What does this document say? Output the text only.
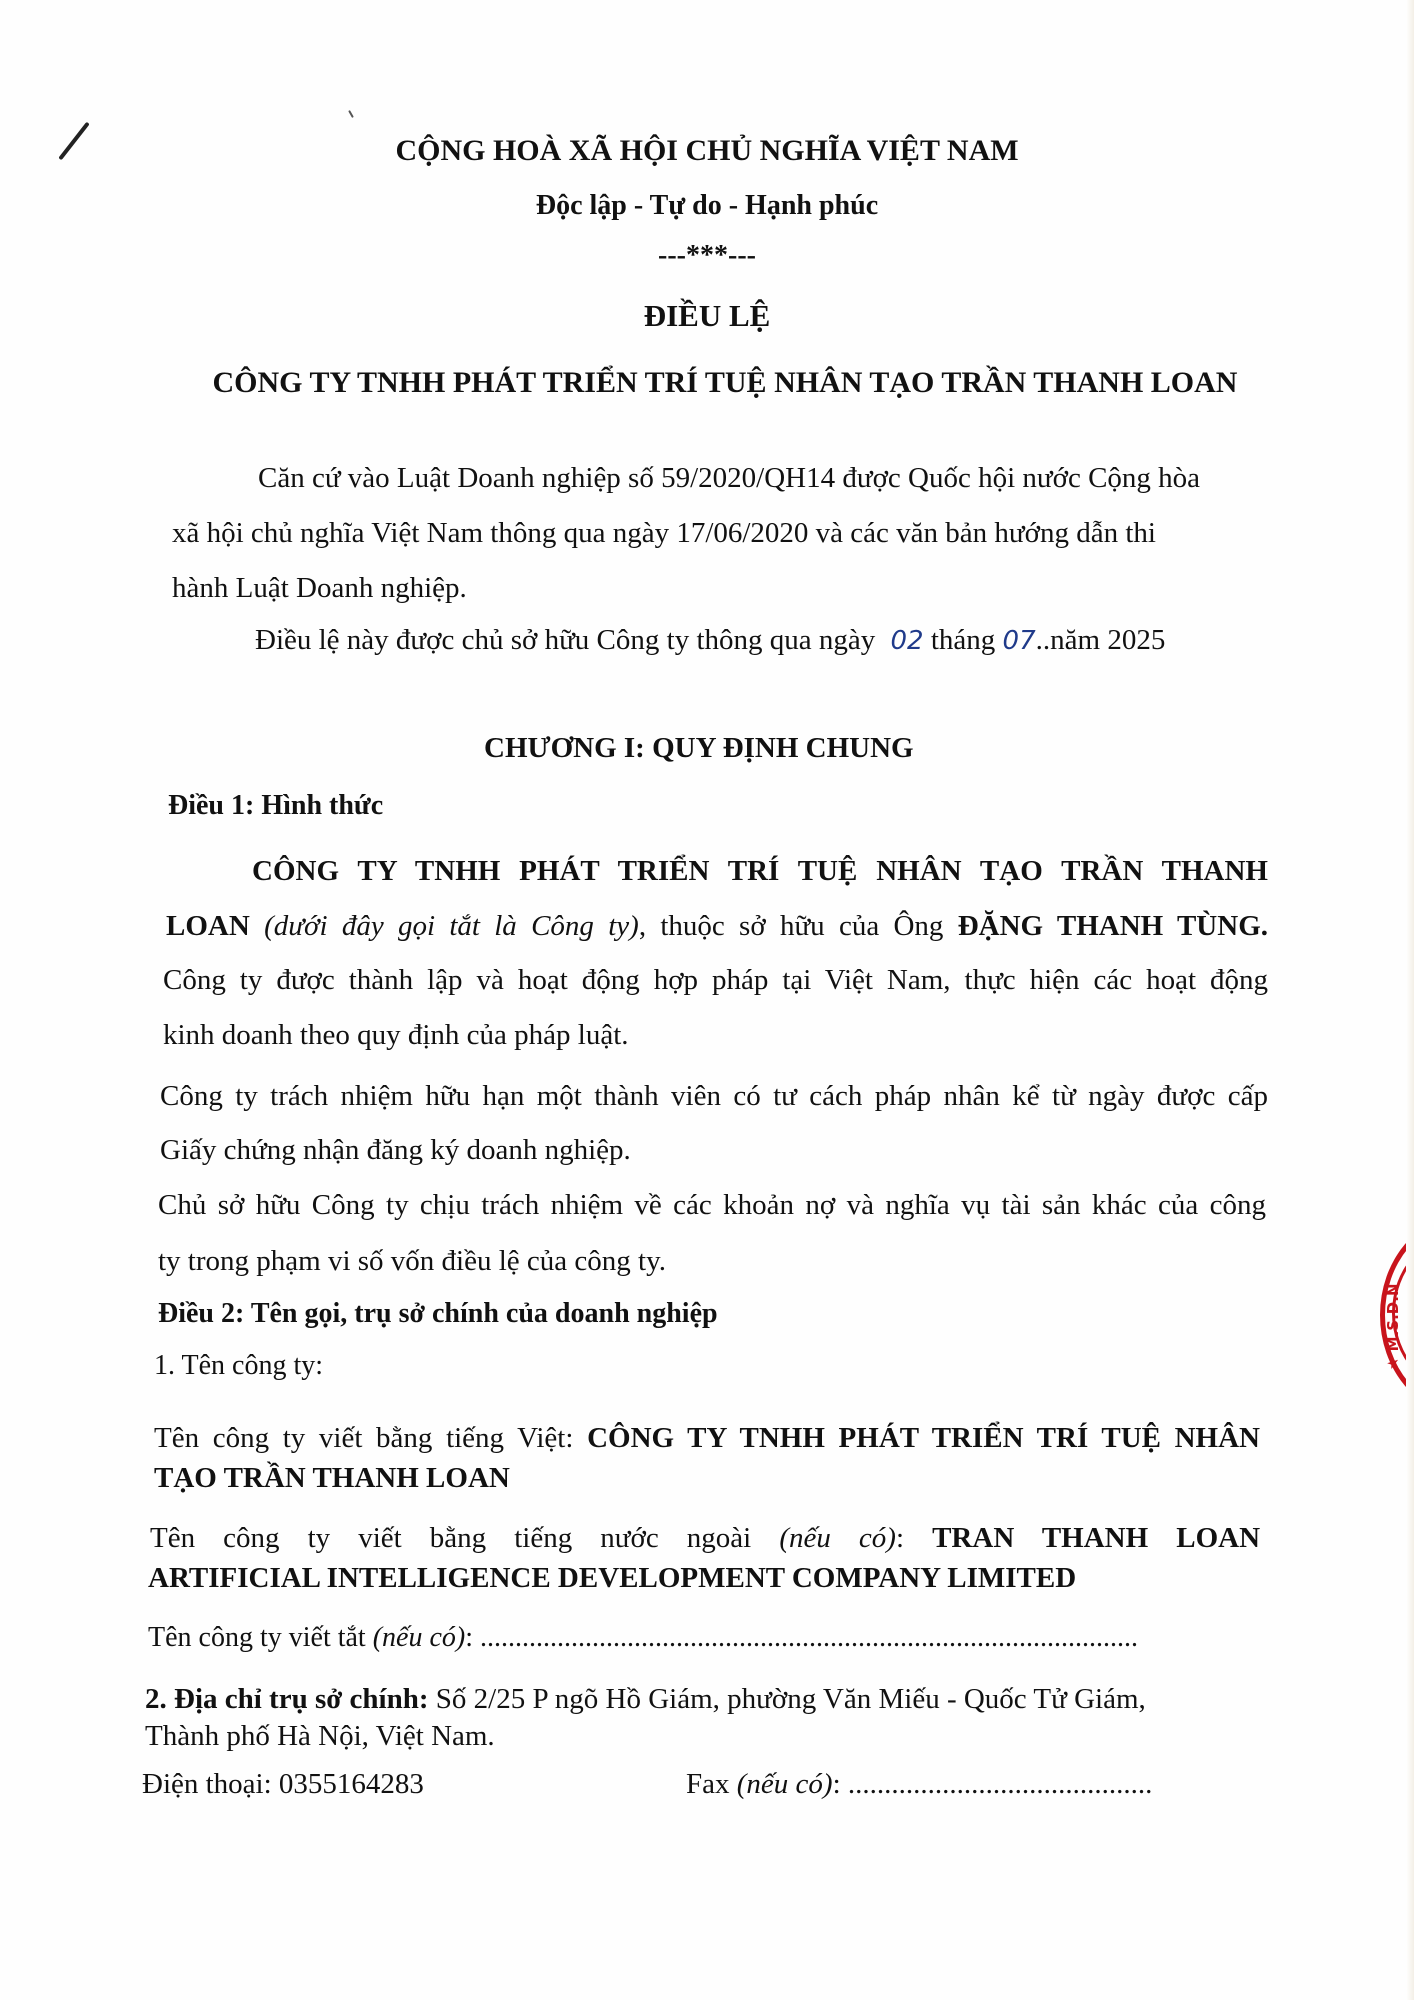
CỘNG HOÀ XÃ HỘI CHỦ NGHĨA VIỆT NAM
Độc lập - Tự do - Hạnh phúc
---***---
ĐIỀU LỆ
CÔNG TY TNHH PHÁT TRIỂN TRÍ TUỆ NHÂN TẠO TRẦN THANH LOAN
Căn cứ vào Luật Doanh nghiệp số 59/2020/QH14 được Quốc hội nước Cộng hòa
xã hội chủ nghĩa Việt Nam thông qua ngày 17/06/2020 và các văn bản hướng dẫn thi
hành Luật Doanh nghiệp.
Điều lệ này được chủ sở hữu Công ty thông qua ngày 02 tháng 07..năm 2025
CHƯƠNG I: QUY ĐỊNH CHUNG
Điều 1: Hình thức
CÔNG TY TNHH PHÁT TRIỂN TRÍ TUỆ NHÂN TẠO TRẦN THANH
LOAN (dưới đây gọi tắt là Công ty), thuộc sở hữu của Ông ĐẶNG THANH TÙNG.
Công ty được thành lập và hoạt động hợp pháp tại Việt Nam, thực hiện các hoạt động
kinh doanh theo quy định của pháp luật.
Công ty trách nhiệm hữu hạn một thành viên có tư cách pháp nhân kể từ ngày được cấp
Giấy chứng nhận đăng ký doanh nghiệp.
Chủ sở hữu Công ty chịu trách nhiệm về các khoản nợ và nghĩa vụ tài sản khác của công
ty trong phạm vi số vốn điều lệ của công ty.
Điều 2: Tên gọi, trụ sở chính của doanh nghiệp
1. Tên công ty:
Tên công ty viết bằng tiếng Việt: CÔNG TY TNHH PHÁT TRIỂN TRÍ TUỆ NHÂN
TẠO TRẦN THANH LOAN
Tên công ty viết bằng tiếng nước ngoài (nếu có): TRAN THANH LOAN
ARTIFICIAL INTELLIGENCE DEVELOPMENT COMPANY LIMITED
Tên công ty viết tắt (nếu có): ..............................................................................................
2. Địa chỉ trụ sở chính: Số 2/25 P ngõ Hồ Giám, phường Văn Miếu - Quốc Tử Giám,
Thành phố Hà Nội, Việt Nam.
Điện thoại: 0355164283	Fax (nếu có): ..........................................
★ M.S.D.N
